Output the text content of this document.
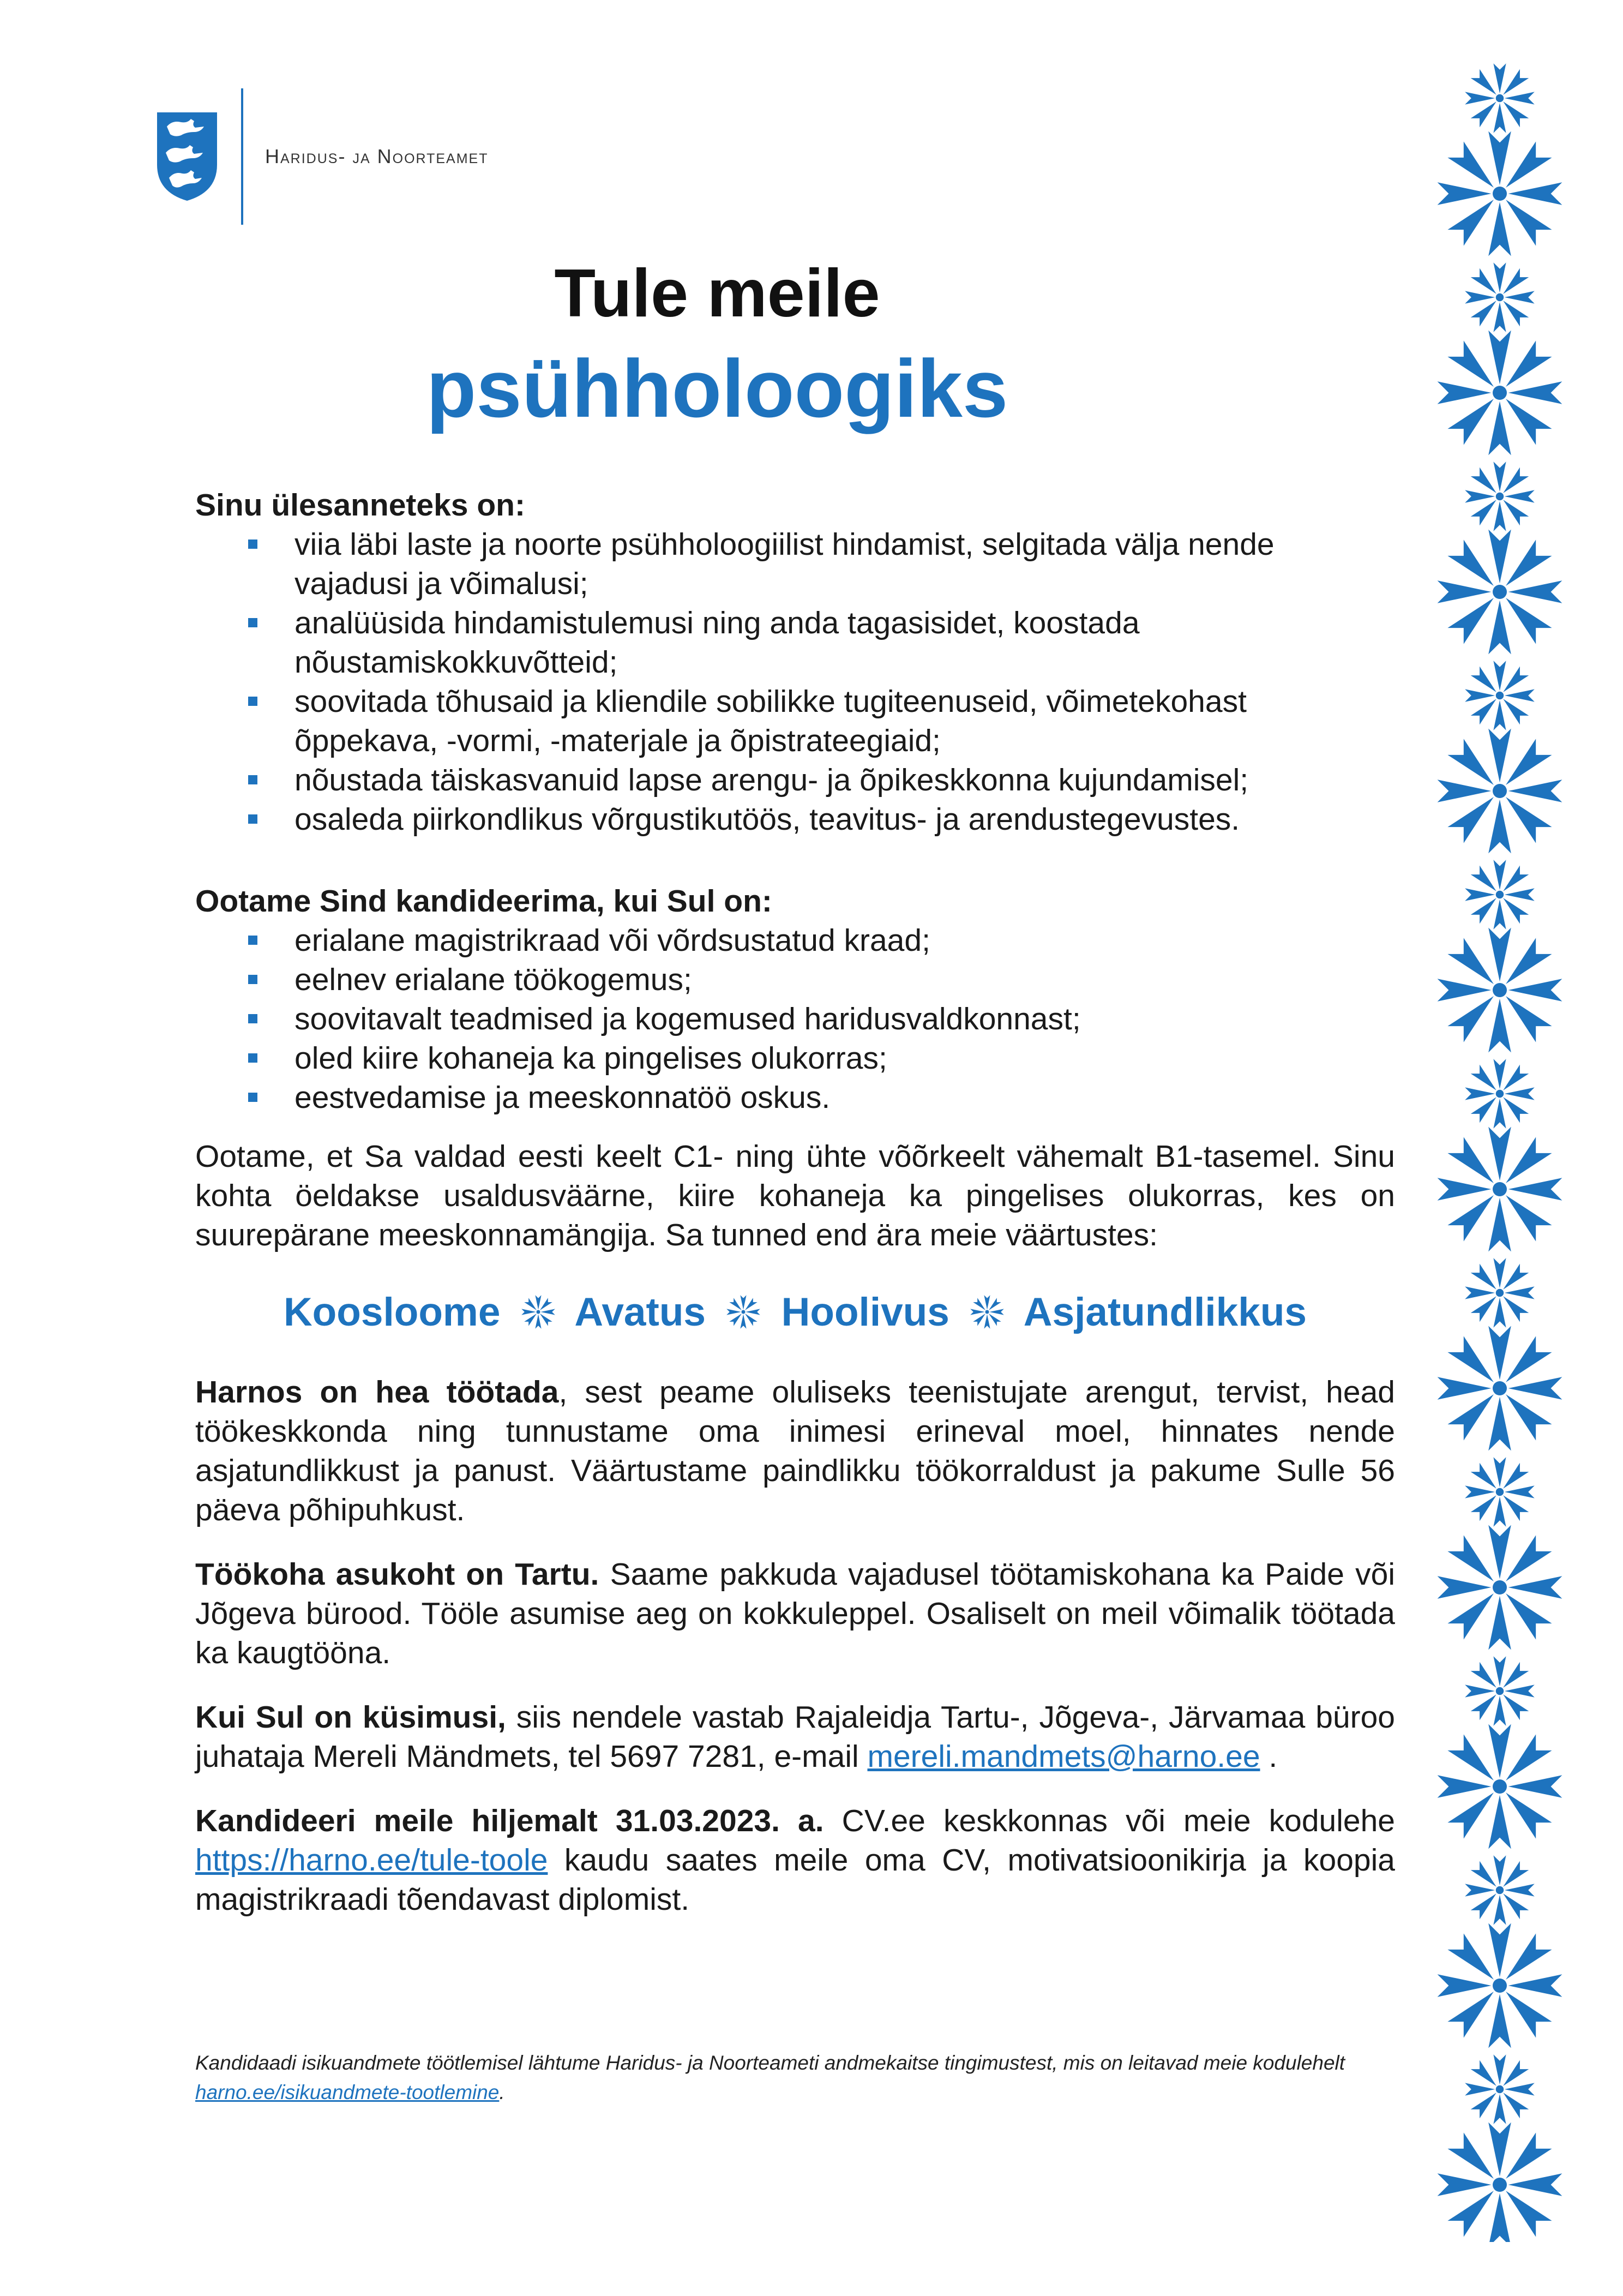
Haridus- ja Noorteamet
Tule meile
psühholoogiks

Sinu ülesanneteks on:

viia läbi laste ja noorte psühholoogiilist hindamist, selgitada välja nende vajadusi ja võimalusi;
analüüsida hindamistulemusi ning anda tagasisidet, koostada nõustamiskokkuvõtteid;
soovitada tõhusaid ja kliendile sobilikke tugiteenuseid, võimetekohast õppekava, -vormi, -materjale ja õpistrateegiaid;
nõustada täiskasvanuid lapse arengu- ja õpikeskkonna kujundamisel;
osaleda piirkondlikus võrgustikutöös, teavitus- ja arendustegevustes.

Ootame Sind kandideerima, kui Sul on:

erialane magistrikraad või võrdsustatud kraad;
eelnev erialane töökogemus;
soovitavalt teadmised ja kogemused haridusvaldkonnast;
oled kiire kohaneja ka pingelises olukorras;
eestvedamise ja meeskonnatöö oskus.

Ootame, et Sa valdad eesti keelt C1- ning ühte võõrkeelt vähemalt B1-tasemel. Sinu kohta öeldakse usaldusväärne, kiire kohaneja ka pingelises olukorras, kes on suurepärane meeskonnamängija. Sa tunned end ära meie väärtustes:

Koosloome Avatus Hoolivus Asjatundlikkus

Harnos on hea töötada, sest peame oluliseks teenistujate arengut, tervist, head töökeskkonda ning tunnustame oma inimesi erineval moel, hinnates nende asjatundlikkust ja panust. Väärtustame paindlikku töökorraldust ja pakume Sulle 56 päeva põhipuhkust.

Töökoha asukoht on Tartu. Saame pakkuda vajadusel töötamiskohana ka Paide või Jõgeva bürood. Tööle asumise aeg on kokkuleppel. Osaliselt on meil võimalik töötada ka kaugtööna.

Kui Sul on küsimusi, siis nendele vastab Rajaleidja Tartu-, Jõgeva-, Järvamaa büroo juhataja Mereli Mändmets, tel 5697 7281, e-mail mereli.mandmets@harno.ee .

Kandideeri meile hiljemalt 31.03.2023. a. CV.ee keskkonnas või meie kodulehe https://harno.ee/tule-toole kaudu saates meile oma CV, motivatsioonikirja ja koopia magistrikraadi tõendavast diplomist.

Kandidaadi isikuandmete töötlemisel lähtume Haridus- ja Noorteameti andmekaitse tingimustest, mis on leitavad meie kodulehelt harno.ee/isikuandmete-tootlemine.
